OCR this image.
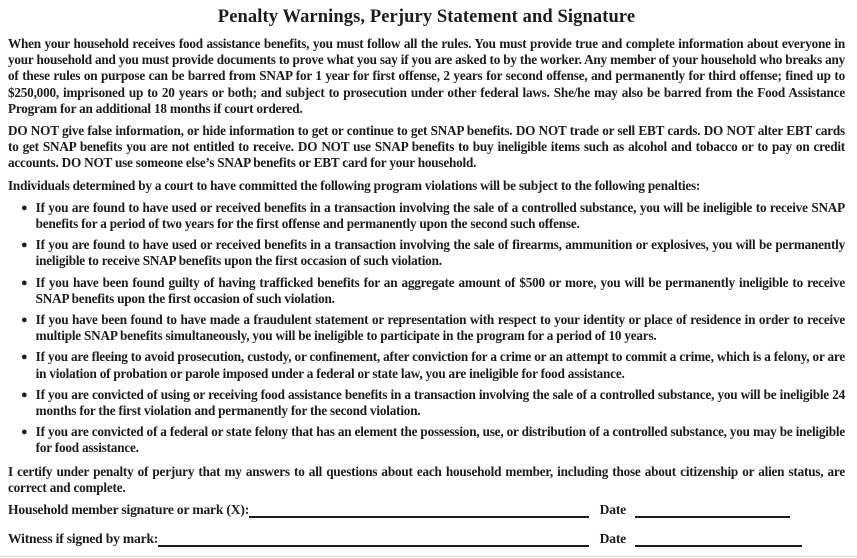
Penalty Warnings, Perjury Statement and Signature

When your household receives food assistance benefits, you must follow all the rules. You must provide true and complete information about everyone in your household and you must provide documents to prove what you say if you are asked to by the worker. Any member of your household who breaks any of these rules on purpose can be barred from SNAP for 1 year for first offense, 2 years for second offense, and permanently for third offense; fined up to $250,000, imprisoned up to 20 years or both; and subject to prosecution under other federal laws. She/he may also be barred from the Food Assistance Program for an additional 18 months if court ordered.

DO NOT give false information, or hide information to get or continue to get SNAP benefits. DO NOT trade or sell EBT cards. DO NOT alter EBT cards to get SNAP benefits you are not entitled to receive. DO NOT use SNAP benefits to buy ineligible items such as alcohol and tobacco or to pay on credit accounts. DO NOT use someone else’s SNAP benefits or EBT card for your household.

Individuals determined by a court to have committed the following program violations will be subject to the following penalties:

● If you are found to have used or received benefits in a transaction involving the sale of a controlled substance, you will be ineligible to receive SNAP benefits for a period of two years for the first offense and permanently upon the second such offense.
● If you are found to have used or received benefits in a transaction involving the sale of firearms, ammunition or explosives, you will be permanently ineligible to receive SNAP benefits upon the first occasion of such violation.
● If you have been found guilty of having trafficked benefits for an aggregate amount of $500 or more, you will be permanently ineligible to receive SNAP benefits upon the first occasion of such violation.
● If you have been found to have made a fraudulent statement or representation with respect to your identity or place of residence in order to receive multiple SNAP benefits simultaneously, you will be ineligible to participate in the program for a period of 10 years.
● If you are fleeing to avoid prosecution, custody, or confinement, after conviction for a crime or an attempt to commit a crime, which is a felony, or are in violation of probation or parole imposed under a federal or state law, you are ineligible for food assistance.
● If you are convicted of using or receiving food assistance benefits in a transaction involving the sale of a controlled substance, you will be ineligible 24 months for the first violation and permanently for the second violation.
● If you are convicted of a federal or state felony that has an element the possession, use, or distribution of a controlled substance, you may be ineligible for food assistance.

I certify under penalty of perjury that my answers to all questions about each household member, including those about citizenship or alien status, are correct and complete.

Household member signature or mark (X):	Date
Witness if signed by mark:	Date
